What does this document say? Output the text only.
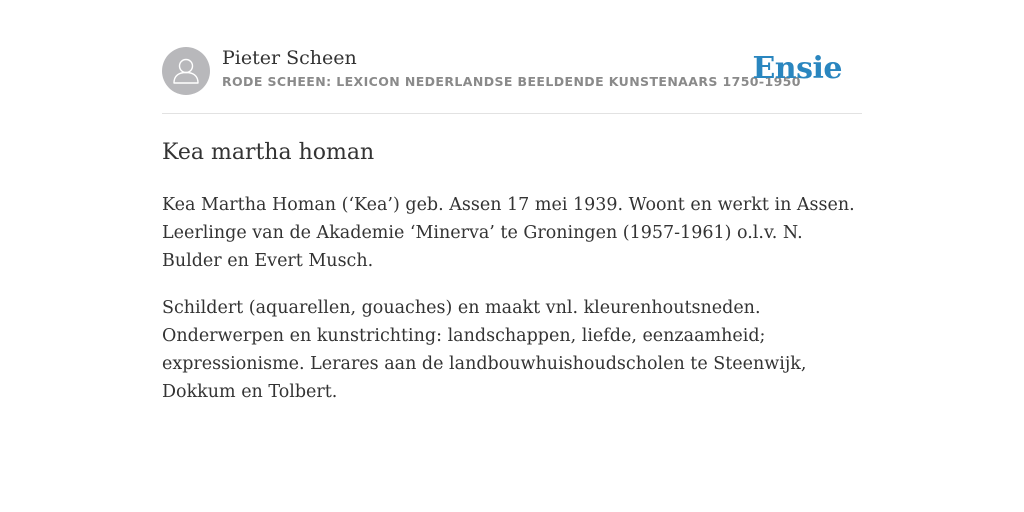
Pieter Scheen
RODE SCHEEN: LEXICON NEDERLANDSE BEELDENDE KUNSTENAARS 1750-1950
Ensie
Kea martha homan

Kea Martha Homan (‘Kea’) geb. Assen 17 mei 1939. Woont en werkt in Assen. Leerlinge van de Akademie ‘Minerva’ te Groningen (1957-1961) o.l.v. N. Bulder en Evert Musch.

Schildert (aquarellen, gouaches) en maakt vnl. kleurenhoutsneden. Onderwerpen en kunstrichting: landschappen, liefde, eenzaamheid; expressionisme. Lerares aan de landbouwhuishoudscholen te Steenwijk, Dokkum en Tolbert.
